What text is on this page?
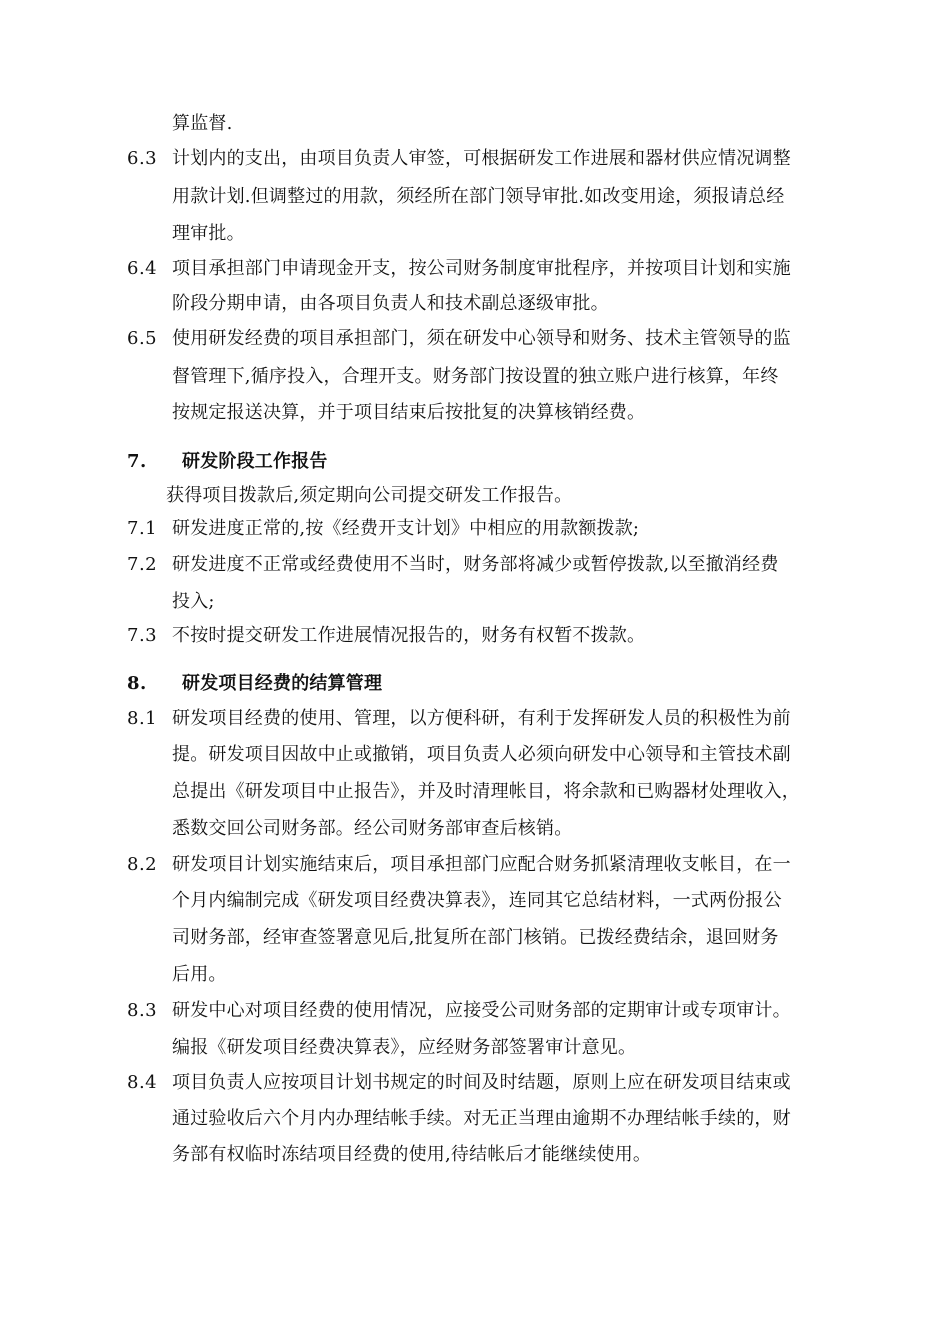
算监督.
6.3 计划内的支出，由项目负责人审签，可根据研发工作进展和器材供应情况调整
用款计划.但调整过的用款，须经所在部门领导审批.如改变用途，须报请总经
理审批。
6.4 项目承担部门申请现金开支，按公司财务制度审批程序，并按项目计划和实施
阶段分期申请，由各项目负责人和技术副总逐级审批。
6.5 使用研发经费的项目承担部门，须在研发中心领导和财务、技术主管领导的监
督管理下,循序投入，合理开支。财务部门按设置的独立账户进行核算，年终
按规定报送决算，并于项目结束后按批复的决算核销经费。
7.	研发阶段工作报告
获得项目拨款后,须定期向公司提交研发工作报告。
7.1 研发进度正常的,按《经费开支计划》中相应的用款额拨款;
7.2 研发进度不正常或经费使用不当时，财务部将减少或暂停拨款,以至撤消经费
投入;
7.3 不按时提交研发工作进展情况报告的，财务有权暂不拨款。
8.	研发项目经费的结算管理
8.1 研发项目经费的使用、管理，以方便科研，有利于发挥研发人员的积极性为前
提。研发项目因故中止或撤销，项目负责人必须向研发中心领导和主管技术副
总提出《研发项目中止报告》，并及时清理帐目，将余款和已购器材处理收入，
悉数交回公司财务部。经公司财务部审查后核销。
8.2 研发项目计划实施结束后，项目承担部门应配合财务抓紧清理收支帐目，在一
个月内编制完成《研发项目经费决算表》，连同其它总结材料，一式两份报公
司财务部，经审查签署意见后,批复所在部门核销。已拨经费结余，退回财务
后用。
8.3 研发中心对项目经费的使用情况，应接受公司财务部的定期审计或专项审计。
编报《研发项目经费决算表》，应经财务部签署审计意见。
8.4 项目负责人应按项目计划书规定的时间及时结题，原则上应在研发项目结束或
通过验收后六个月内办理结帐手续。对无正当理由逾期不办理结帐手续的，财
务部有权临时冻结项目经费的使用,待结帐后才能继续使用。
